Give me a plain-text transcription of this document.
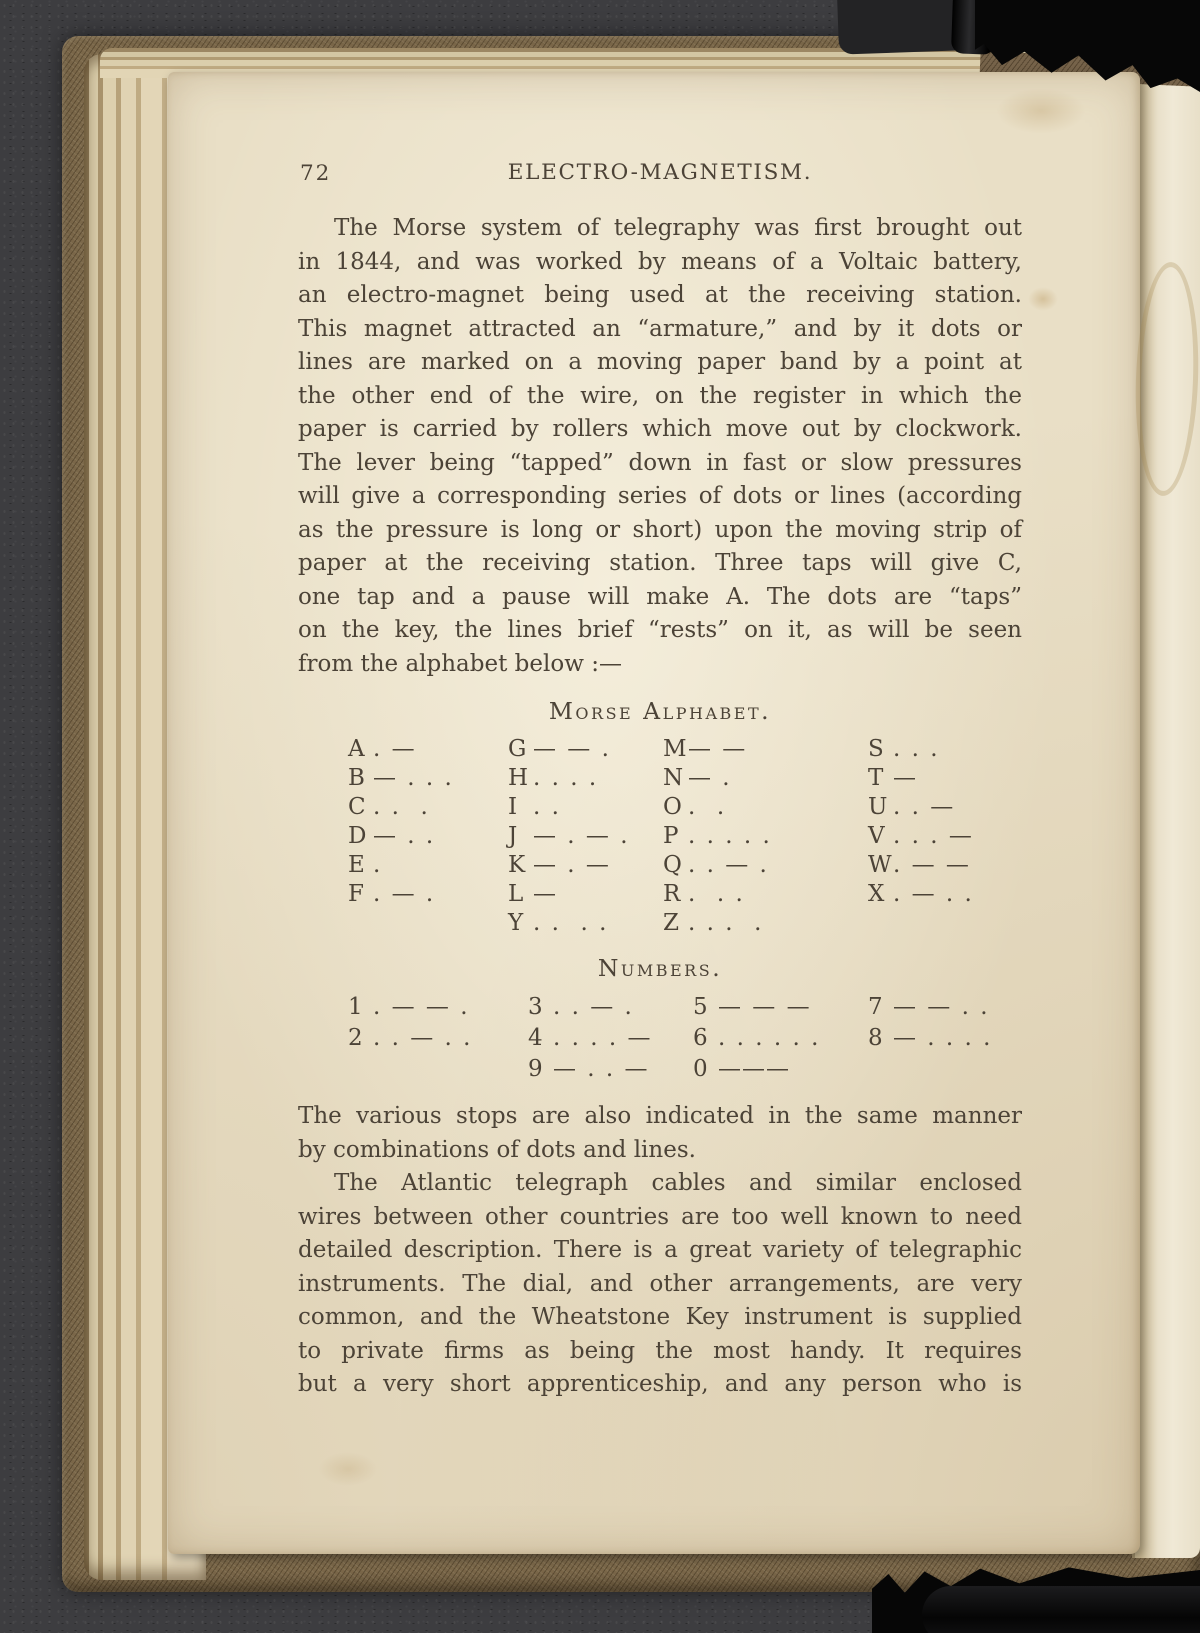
72	ELECTRO-MAGNETISM.
The Morse system of telegraphy was first brought out
in 1844, and was worked by means of a Voltaic battery,
an electro-magnet being used at the receiving station.
This magnet attracted an “armature,” and by it dots or
lines are marked on a moving paper band by a point at
the other end of the wire, on the register in which the
paper is carried by rollers which move out by clockwork.
The lever being “tapped” down in fast or slow pressures
will give a corresponding series of dots or lines (according
as the pressure is long or short) upon the moving strip of
paper at the receiving station. Three taps will give C,
one tap and a pause will make A. The dots are “taps”
on the key, the lines brief “rests” on it, as will be seen
from the alphabet below :—
Morse Alphabet.
A . —
B — . . .
C . .  .
D — . .
E .
F . — .
G — — .
H . . . .
I . .
J — . — .
K — . —
L —
Y . .  . .
M— —
N — .
O .  .
P . . . . .
Q . . — .
R .  . .
Z . . .  .
S . . .
T —
U . . —
V . . . —
W. — —
X . — . .
Numbers.
1 . — — .
2 . . — . .
3 . . — .
4 . . . . —
9 — . . —
5 — — —
6 . . . . . .
0 ———
7 — — . .
8 — . . . .
The various stops are also indicated in the same manner
by combinations of dots and lines.
The Atlantic telegraph cables and similar enclosed
wires between other countries are too well known to need
detailed description. There is a great variety of telegraphic
instruments. The dial, and other arrangements, are very
common, and the Wheatstone Key instrument is supplied
to private firms as being the most handy. It requires
but a very short apprenticeship, and any person who is
